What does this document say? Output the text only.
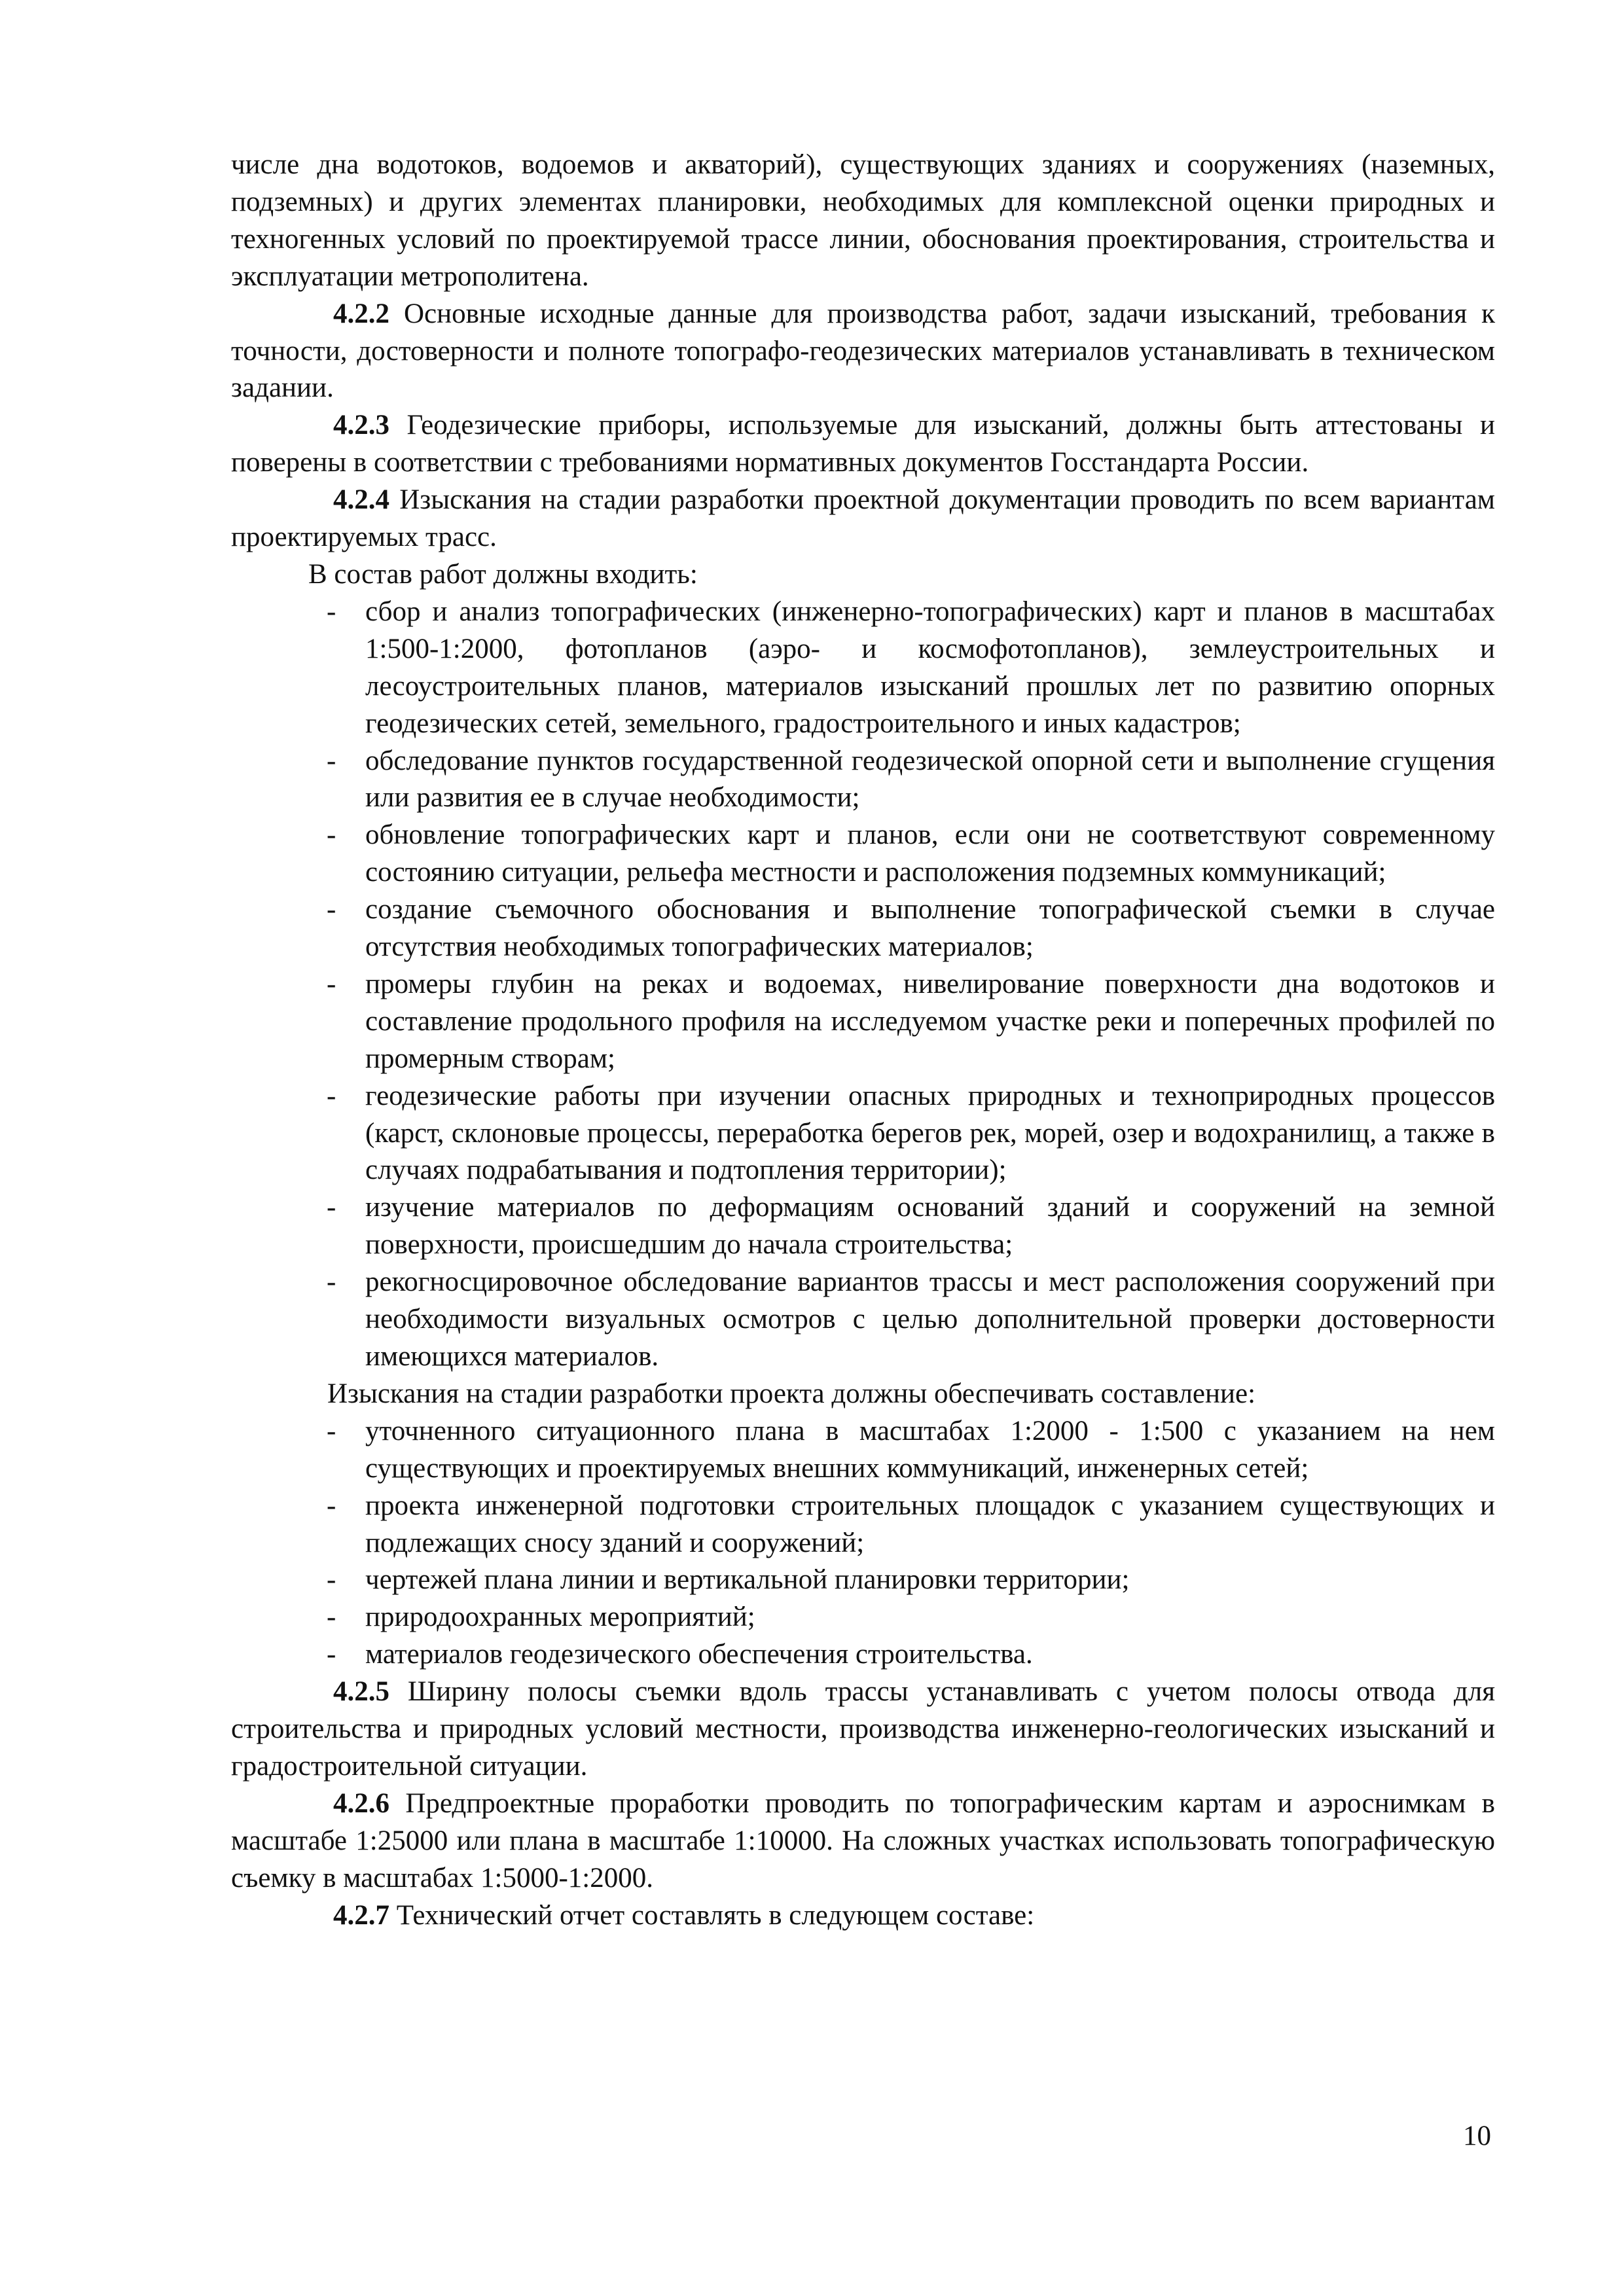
числе дна водотоков, водоемов и акваторий), существующих зданиях и сооружениях (наземных, подземных) и других элементах планировки, необходимых для комплексной оценки природных и техногенных условий по проектируемой трассе линии, обоснования проектирования, строительства и эксплуатации метрополитена.

4.2.2 Основные исходные данные для производства работ, задачи изысканий, требования к точности, достоверности и полноте топографо-геодезических материалов устанавливать в техническом задании.

4.2.3 Геодезические приборы, используемые для изысканий, должны быть аттестованы и поверены в соответствии с требованиями нормативных документов Госстандарта России.

4.2.4 Изыскания на стадии разработки проектной документации проводить по всем вариантам проектируемых трасс.

В состав работ должны входить:

- сбор и анализ топографических (инженерно-топографических) карт и планов в масштабах 1:500-1:2000, фотопланов (аэро- и космофотопланов), землеустроительных и лесоустроительных планов, материалов изысканий прошлых лет по развитию опорных геодезических сетей, земельного, градостроительного и иных кадастров;
- обследование пунктов государственной геодезической опорной сети и выполнение сгущения или развития ее в случае необходимости;
- обновление топографических карт и планов, если они не соответствуют современному состоянию ситуации, рельефа местности и расположения подземных коммуникаций;
- создание съемочного обоснования и выполнение топографической съемки в случае отсутствия необходимых топографических материалов;
- промеры глубин на реках и водоемах, нивелирование поверхности дна водотоков и составление продольного профиля на исследуемом участке реки и поперечных профилей по промерным створам;
- геодезические работы при изучении опасных природных и техноприродных процессов (карст, склоновые процессы, переработка берегов рек, морей, озер и водохранилищ, а также в случаях подрабатывания и подтопления территории);
- изучение материалов по деформациям оснований зданий и сооружений на земной поверхности, происшедшим до начала строительства;
- рекогносцировочное обследование вариантов трассы и мест расположения сооружений при необходимости визуальных осмотров с целью дополнительной проверки достоверности имеющихся материалов.

Изыскания на стадии разработки проекта должны обеспечивать составление:

- уточненного ситуационного плана в масштабах 1:2000 - 1:500 с указанием на нем существующих и проектируемых внешних коммуникаций, инженерных сетей;
- проекта инженерной подготовки строительных площадок с указанием существующих и подлежащих сносу зданий и сооружений;
- чертежей плана линии и вертикальной планировки территории;
- природоохранных мероприятий;
- материалов геодезического обеспечения строительства.

4.2.5 Ширину полосы съемки вдоль трассы устанавливать с учетом полосы отвода для строительства и природных условий местности, производства инженерно-геологических изысканий и градостроительной ситуации.

4.2.6 Предпроектные проработки проводить по топографическим картам и аэроснимкам в масштабе 1:25000 или плана в масштабе 1:10000. На сложных участках использовать топографическую съемку в масштабах 1:5000-1:2000.

4.2.7 Технический отчет составлять в следующем составе:

10
